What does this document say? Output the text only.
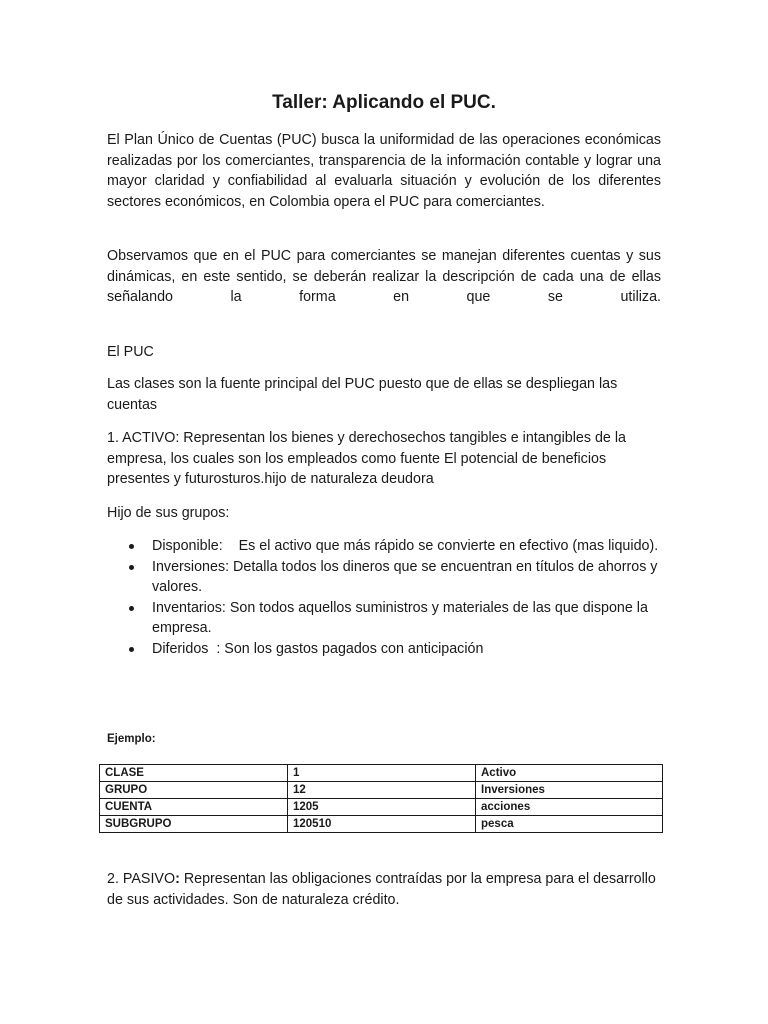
Taller: Aplicando el PUC.

El Plan Único de Cuentas (PUC) busca la uniformidad de las operaciones económicas realizadas por los comerciantes, transparencia de la información contable y lograr una mayor claridad y confiabilidad al evaluarla situación y evolución de los diferentes sectores económicos, en Colombia opera el PUC para comerciantes.

Observamos que en el PUC para comerciantes se manejan diferentes cuentas y sus dinámicas, en este sentido, se deberán realizar la descripción de cada una de ellas señalando la forma en que se utiliza.

El PUC

Las clases son la fuente principal del PUC puesto que de ellas se despliegan las cuentas

1. ACTIVO: Representan los bienes y derechosechos tangibles e intangibles de la empresa, los cuales son los empleados como fuente El potencial de beneficios presentes y futurosturos.hijo de naturaleza deudora

Hijo de sus grupos:

Disponible:    Es el activo que más rápido se convierte en efectivo (mas liquido).
Inversiones: Detalla todos los dineros que se encuentran en títulos de ahorros y valores.
Inventarios: Son todos aquellos suministros y materiales de las que dispone la empresa.
Diferidos  : Son los gastos pagados con anticipación

Ejemplo:

CLASE	1	Activo
GRUPO	12	Inversiones
CUENTA	1205	acciones
SUBGRUPO	120510	pesca

2. PASIVO: Representan las obligaciones contraídas por la empresa para el desarrollo de sus actividades. Son de naturaleza crédito.
